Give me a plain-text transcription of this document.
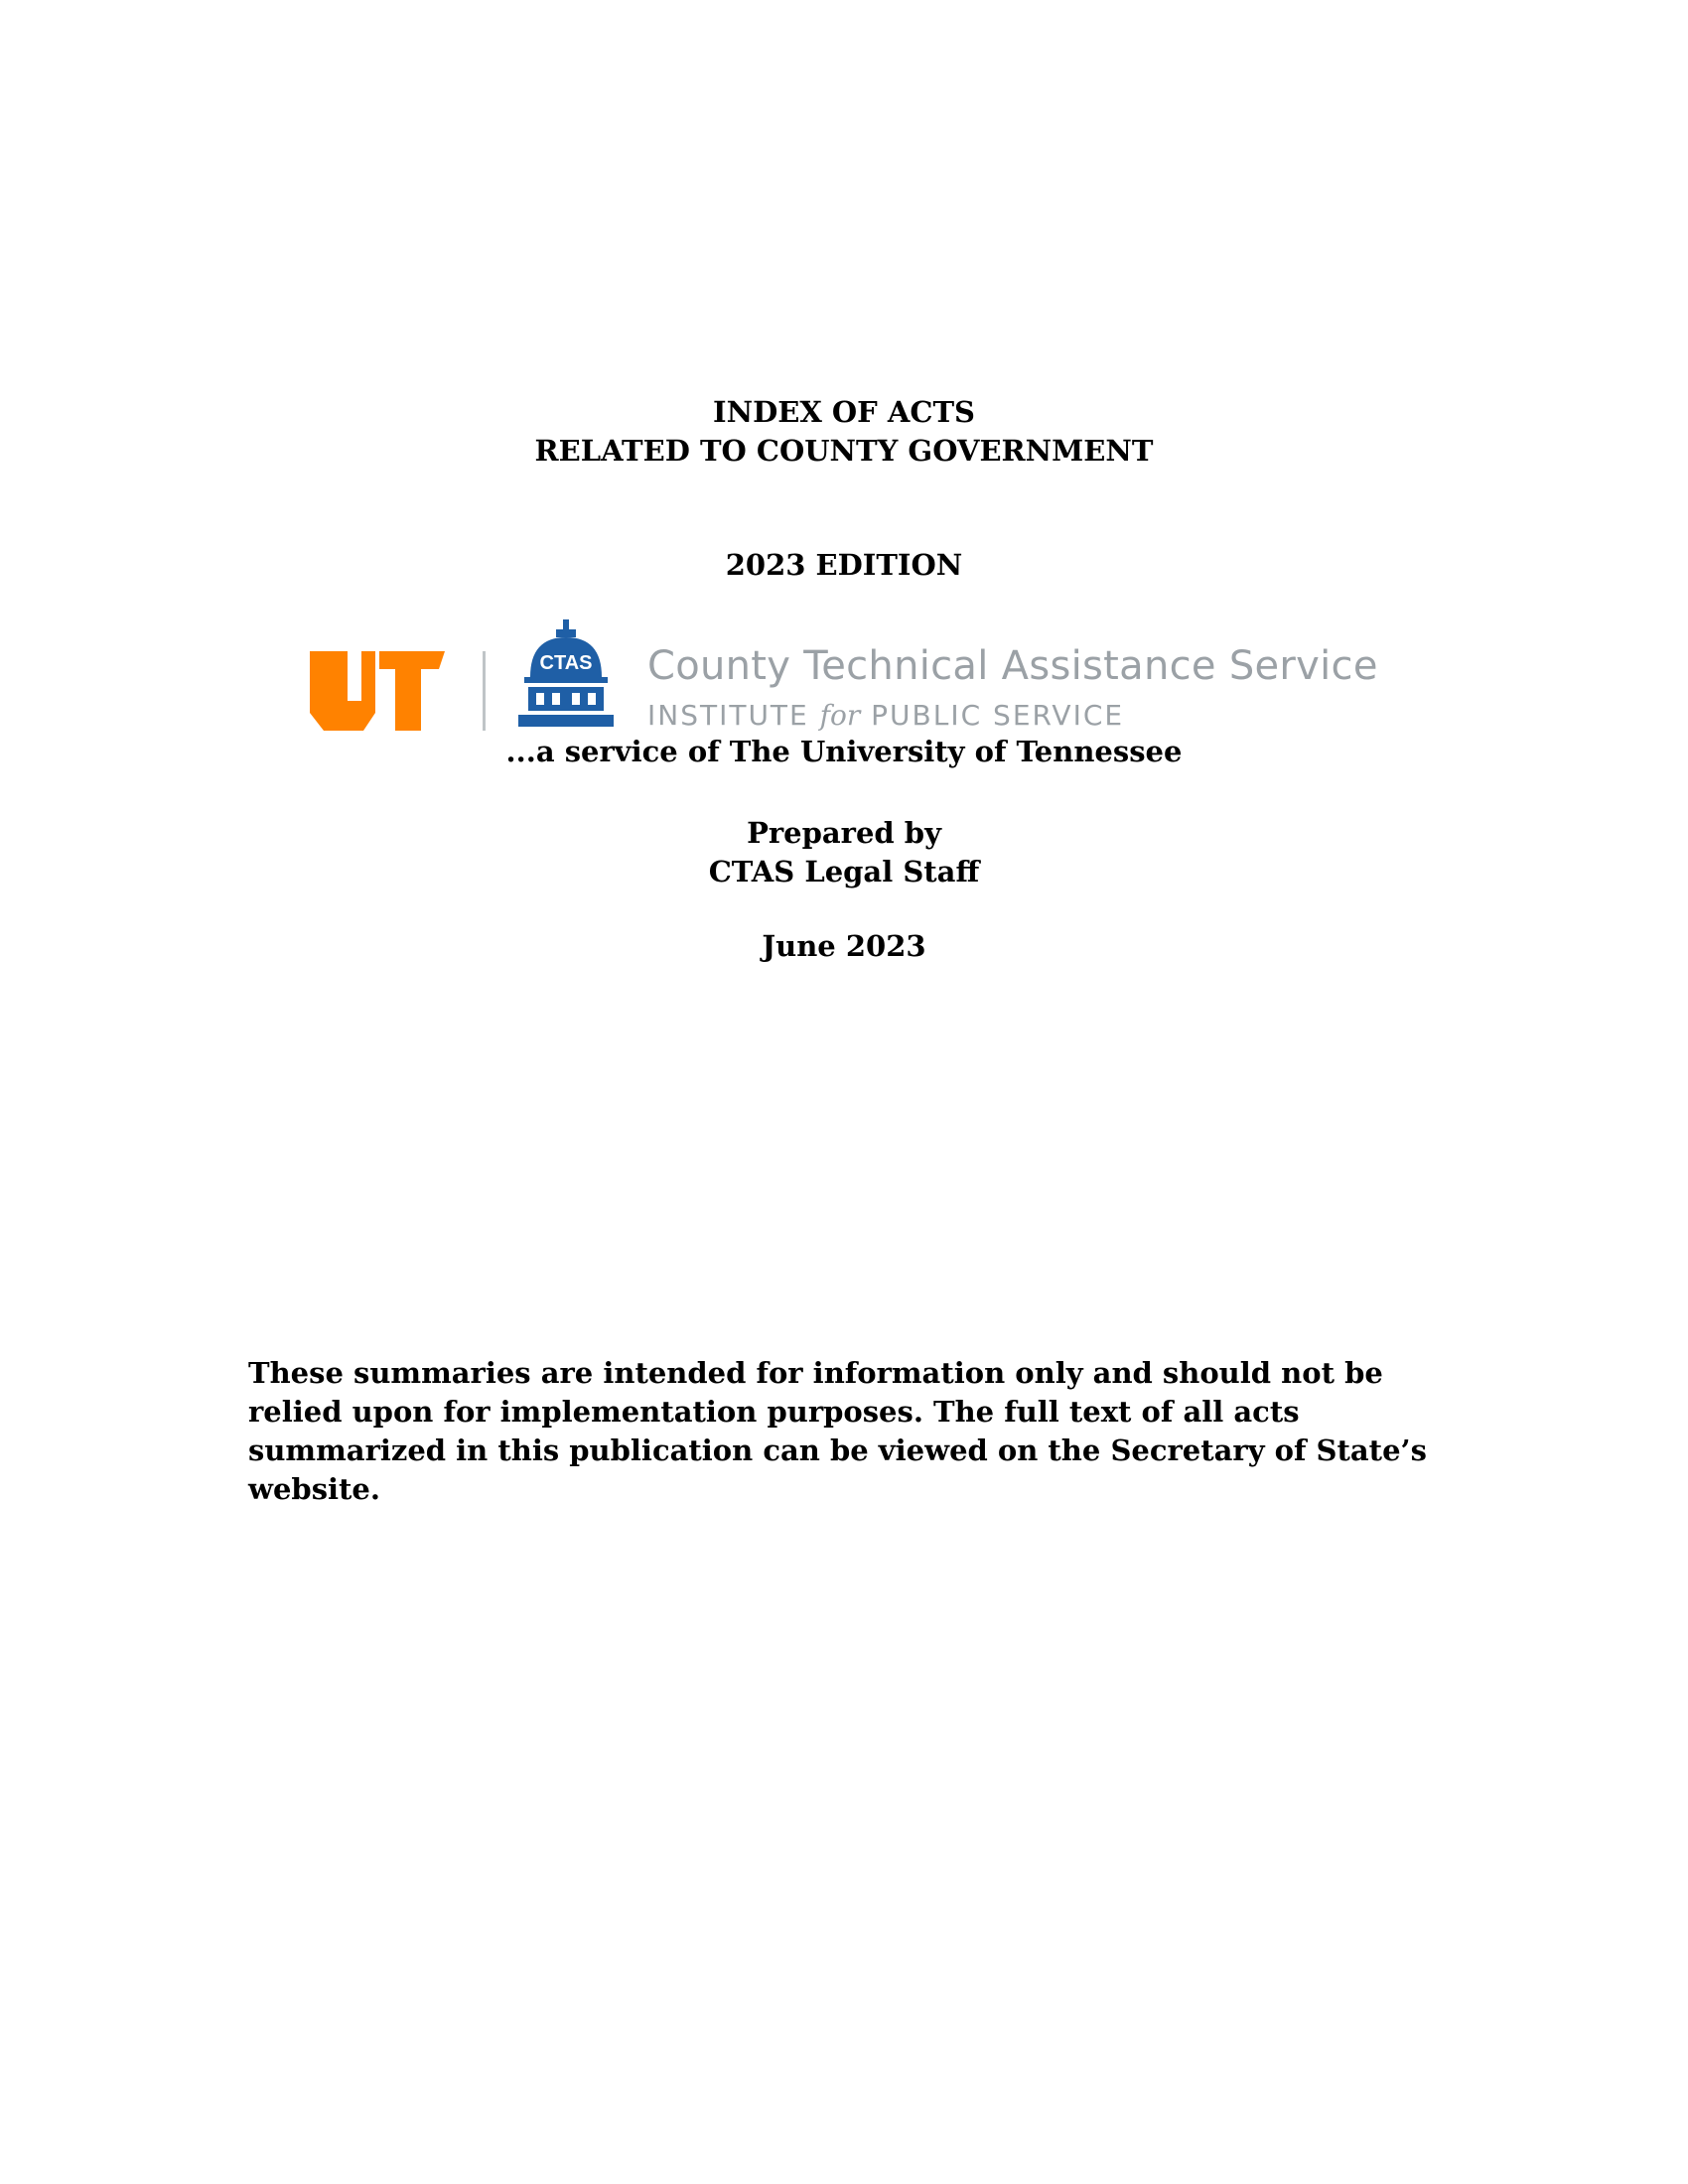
INDEX OF ACTS
RELATED TO COUNTY GOVERNMENT
2023 EDITION
CTAS County Technical Assistance Service
INSTITUTE for PUBLIC SERVICE
...a service of The University of Tennessee
Prepared by
CTAS Legal Staff
June 2023
These summaries are intended for information only and should not be relied upon for implementation purposes. The full text of all acts summarized in this publication can be viewed on the Secretary of State’s website.
